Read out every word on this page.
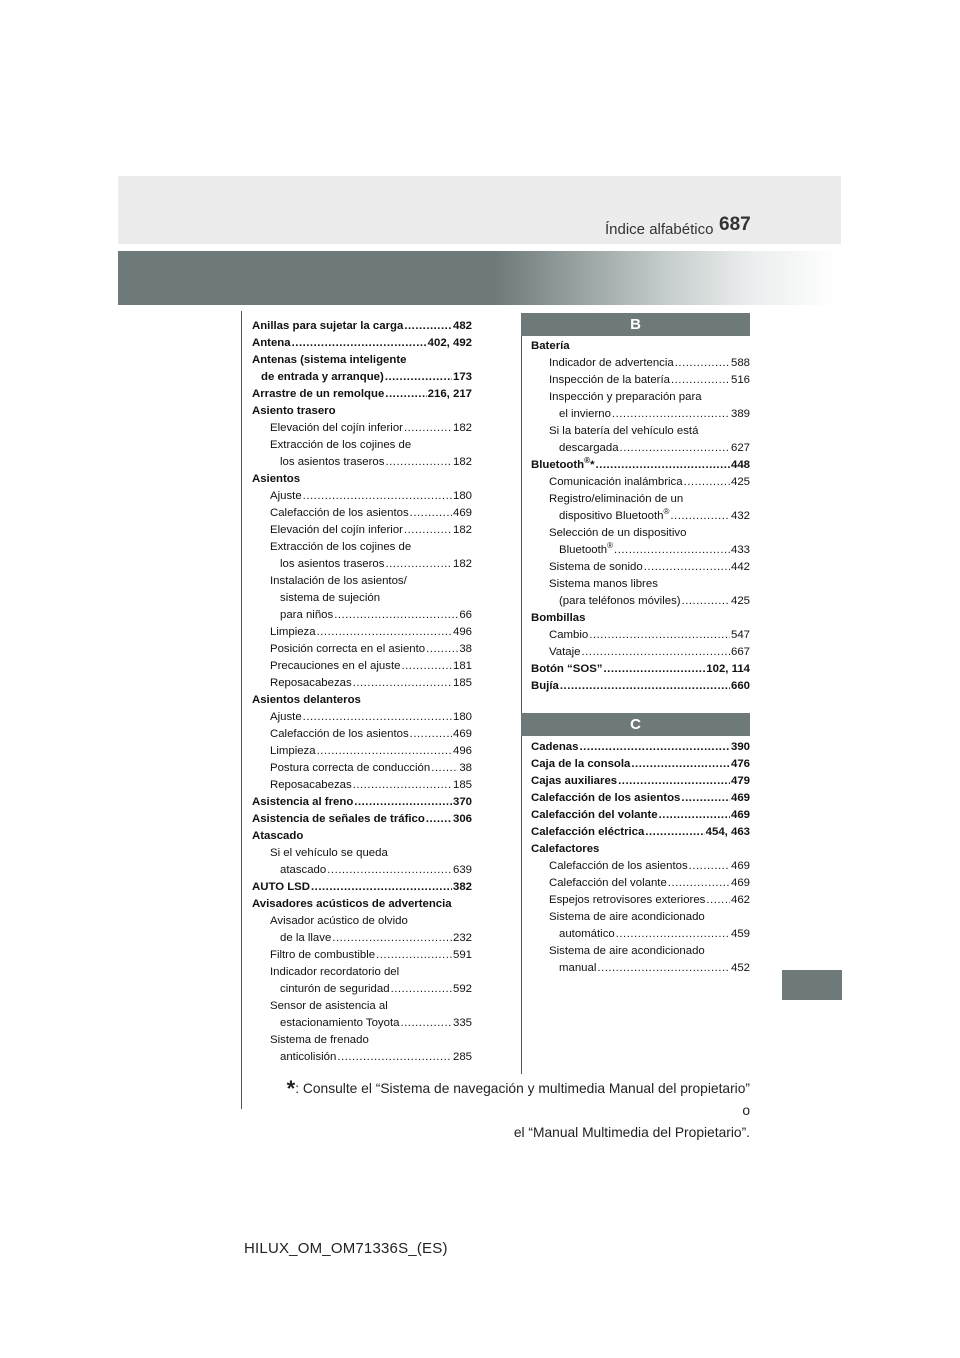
Índice alfabético 687
Anillas para sujetar la carga .....	482
Antena .....	402, 492
Antenas (sistema inteligente
de entrada y arranque) .....	173
Arrastre de un remolque .....	216, 217
Asiento trasero
Elevación del cojín inferior .....	182
Extracción de los cojines de
los asientos traseros .....	182
Asientos
Ajuste .....	180
Calefacción de los asientos .....	469
Elevación del cojín inferior .....	182
Extracción de los cojines de
los asientos traseros .....	182
Instalación de los asientos/
sistema de sujeción
para niños .....	66
Limpieza .....	496
Posición correcta en el asiento .....	38
Precauciones en el ajuste .....	181
Reposacabezas .....	185
Asientos delanteros
Ajuste .....	180
Calefacción de los asientos .....	469
Limpieza .....	496
Postura correcta de conducción .....	38
Reposacabezas .....	185
Asistencia al freno .....	370
Asistencia de señales de tráfico ..... 306
Atascado
Si el vehículo se queda
atascado .....	639
AUTO LSD .....	382
Avisadores acústicos de advertencia
Avisador acústico de olvido
de la llave .....	232
Filtro de combustible .....	591
Indicador recordatorio del
cinturón de seguridad .....	592
Sensor de asistencia al
estacionamiento Toyota .....	335
Sistema de frenado
anticolisión .....	285
B
Batería
Indicador de advertencia .....	588
Inspección de la batería .....	516
Inspección y preparación para
el invierno .....	389
Si la batería del vehículo está
descargada .....	627
Bluetooth®* .....	448
Comunicación inalámbrica .....	425
Registro/eliminación de un
dispositivo Bluetooth® .....	432
Selección de un dispositivo
Bluetooth® .....	433
Sistema de sonido .....	442
Sistema manos libres
(para teléfonos móviles) .....	425
Bombillas
Cambio .....	547
Vataje .....	667
Botón “SOS” .....	102, 114
Bujía .....	660
C
Cadenas .....	390
Caja de la consola .....	476
Cajas auxiliares .....	479
Calefacción de los asientos .....	469
Calefacción del volante .....	469
Calefacción eléctrica .....	454, 463
Calefactores
Calefacción de los asientos .....	469
Calefacción del volante .....	469
Espejos retrovisores exteriores ..... 462
Sistema de aire acondicionado
automático .....	459
Sistema de aire acondicionado
manual .....	452
*: Consulte el “Sistema de navegación y multimedia Manual del propietario” o
el “Manual Multimedia del Propietario”.
HILUX_OM_OM71336S_(ES)
